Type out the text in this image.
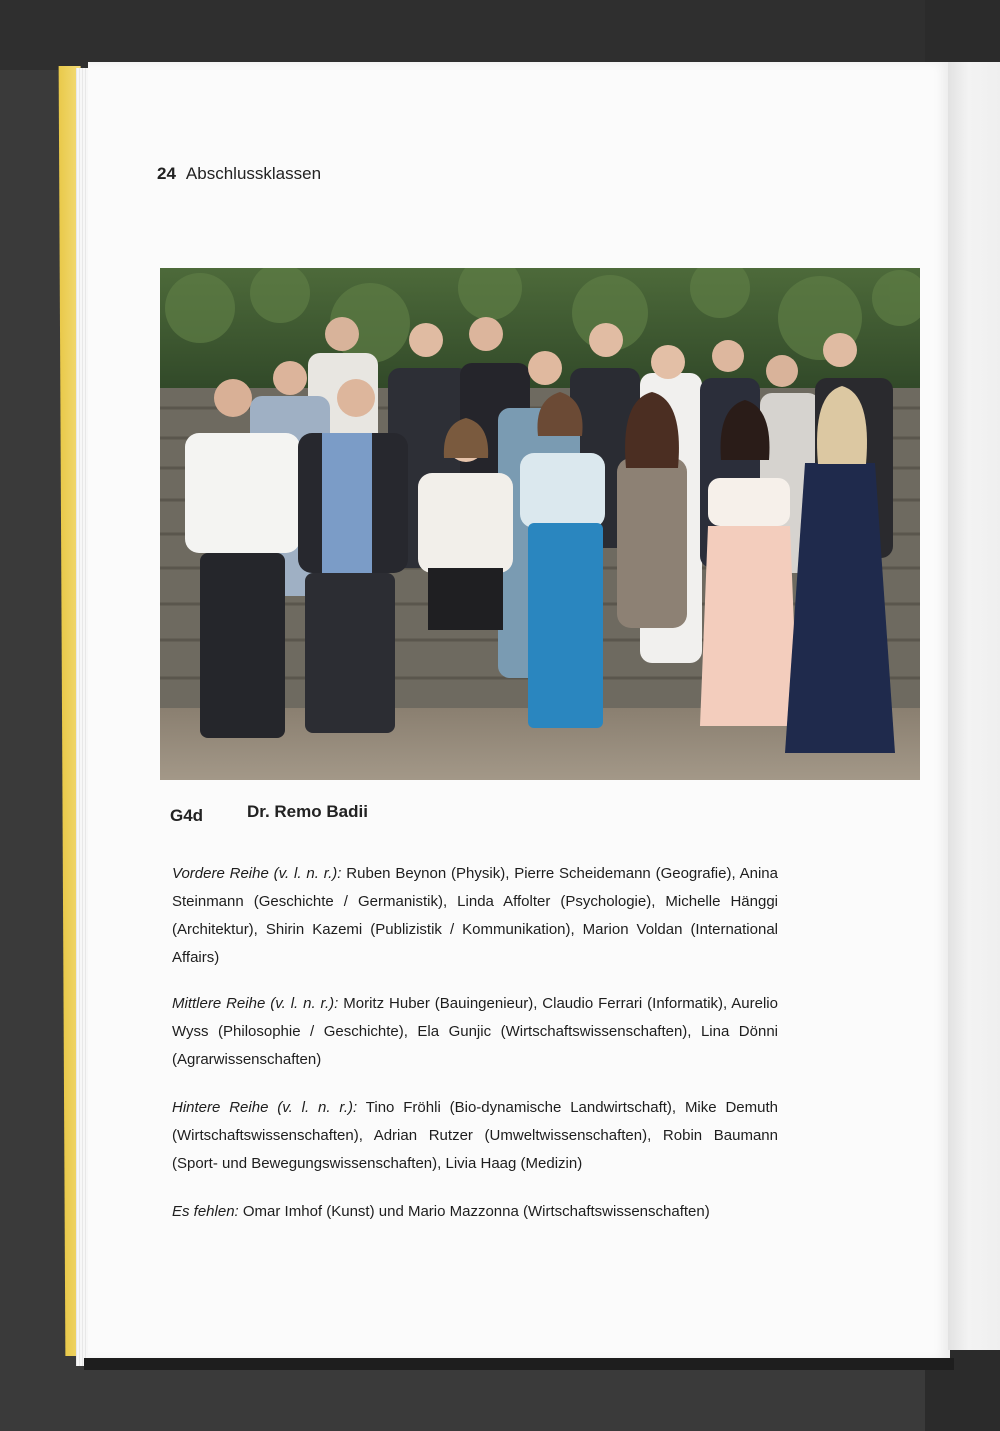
24 Abschlussklassen
G4d	Dr. Remo Badii
Vordere Reihe (v. l. n. r.): Ruben Beynon (Physik), Pierre Scheidemann (Geografie), Anina Steinmann (Geschichte / Germanistik), Linda Affolter (Psychologie), Michelle Hänggi (Architektur), Shirin Kazemi (Publizistik / Kommunikation), Marion Voldan (International Affairs)
Mittlere Reihe (v. l. n. r.): Moritz Huber (Bauingenieur), Claudio Ferrari (Informatik), Aurelio Wyss (Philosophie / Geschichte), Ela Gunjic (Wirtschaftswissenschaften), Lina Dönni (Agrarwissenschaften)
Hintere Reihe (v. l. n. r.): Tino Fröhli (Bio-dynamische Landwirtschaft), Mike Demuth (Wirtschaftswissenschaften), Adrian Rutzer (Umweltwissenschaften), Robin Baumann (Sport- und Bewegungswissenschaften), Livia Haag (Medizin)
Es fehlen: Omar Imhof (Kunst) und Mario Mazzonna (Wirtschaftswissenschaften)
